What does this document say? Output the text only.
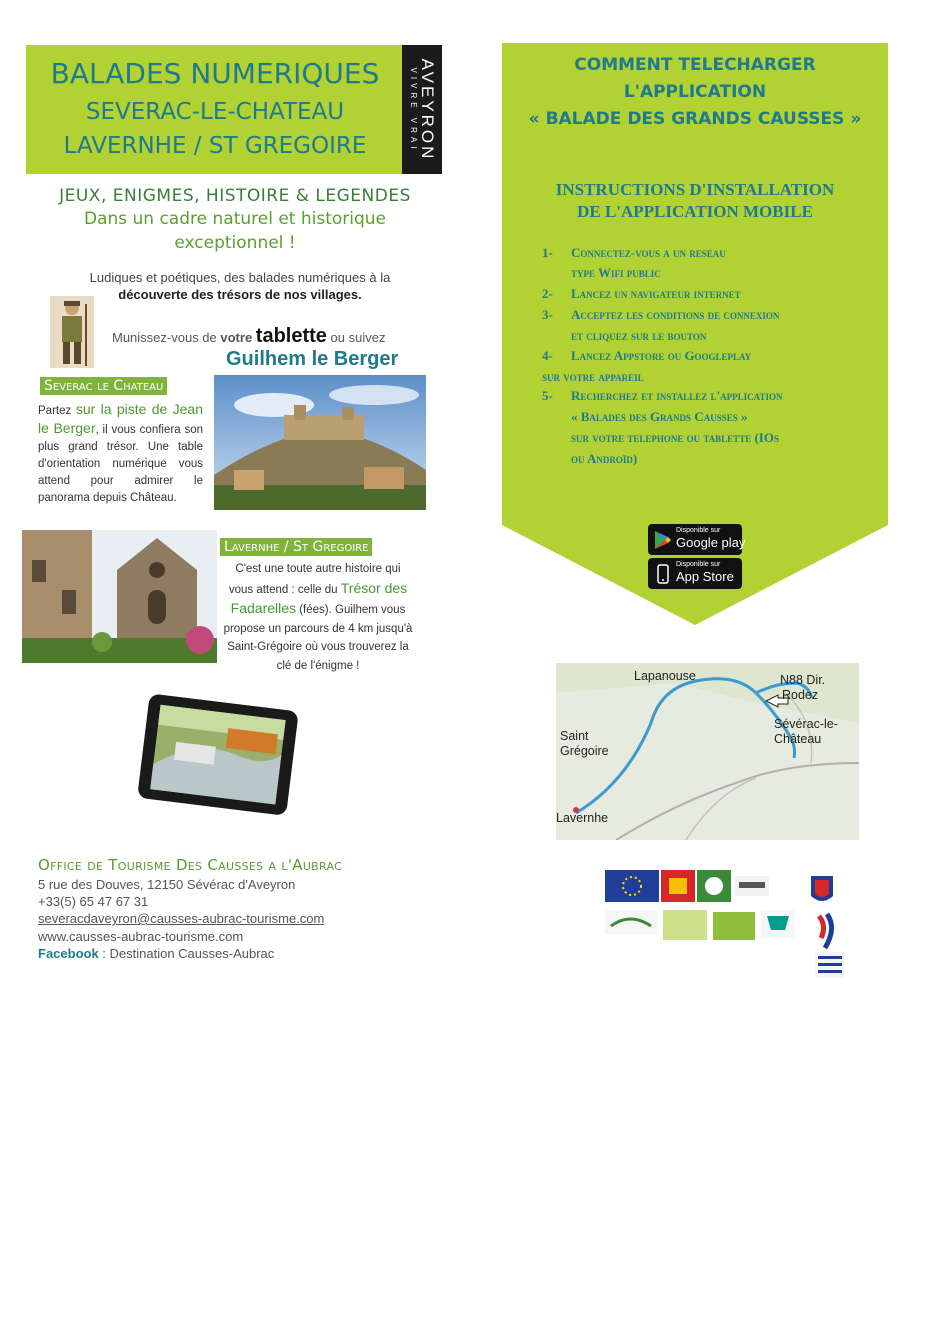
BALADES NUMERIQUES
SEVERAC-LE-CHATEAU
LAVERNHE / ST GREGOIRE	AVEYRON
VIVRE VRAI
JEUX, ENIGMES, HISTOIRE & LEGENDES
Dans un cadre naturel et historique
exceptionnel !
Ludiques et poétiques, des balades numériques à la
découverte des trésors de nos villages.
Munissez-vous de votre tablette ou suivez
Guilhem le Berger
Severac le Chateau
Partez sur la piste de Jean le Berger, il vous confiera son plus grand trésor. Une table d'orientation numérique vous attend pour admirer le panorama depuis Château.
Lavernhe / St Gregoire
C'est une toute autre histoire qui vous attend : celle du Trésor des Fadarelles (fées). Guilhem vous propose un parcours de 4 km jusqu'à Saint-Grégoire où vous trouverez la clé de l'énigme !
Office de Tourisme Des Causses a l'Aubrac
5 rue des Douves, 12150 Sévérac d'Aveyron
+33(5) 65 47 67 31
severacdaveyron@causses-aubrac-tourisme.com
www.causses-aubrac-tourisme.com
Facebook : Destination Causses-Aubrac
COMMENT TELECHARGER
L'APPLICATION
« BALADE DES GRANDS CAUSSES »
INSTRUCTIONS D'INSTALLATION
DE L'APPLICATION MOBILE
1- Connectez-vous a un reseau
type Wifi public
2- Lancez un navigateur internet
3- Acceptez les conditions de connexion
et cliquez sur le bouton
4- Lancez Appstore ou Googleplay
sur votre appareil
5- Recherchez et installez l'application
« Balades des Grands Causses »
sur votre telephone ou tablette (IOs
ou Androïd)
Disponible sur
Google play
Disponible sur
App Store
Lapanouse	N88 Dir.
Rodez
Sévérac-le-
Château
Saint
Grégoire
Lavernhe
